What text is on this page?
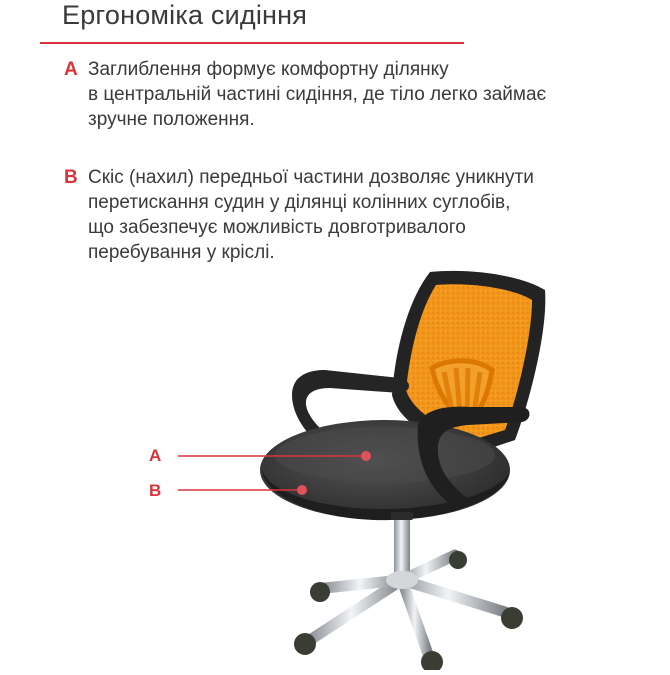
Ергономіка сидіння
A Заглиблення формує комфортну ділянку
в центральній частині сидіння, де тіло легко займає
зручне положення.
B Скіс (нахил) передньої частини дозволяє уникнути
перетискання судин у ділянці колінних суглобів,
що забезпечує можливість довготривалого
перебування у кріслі.
A
B
